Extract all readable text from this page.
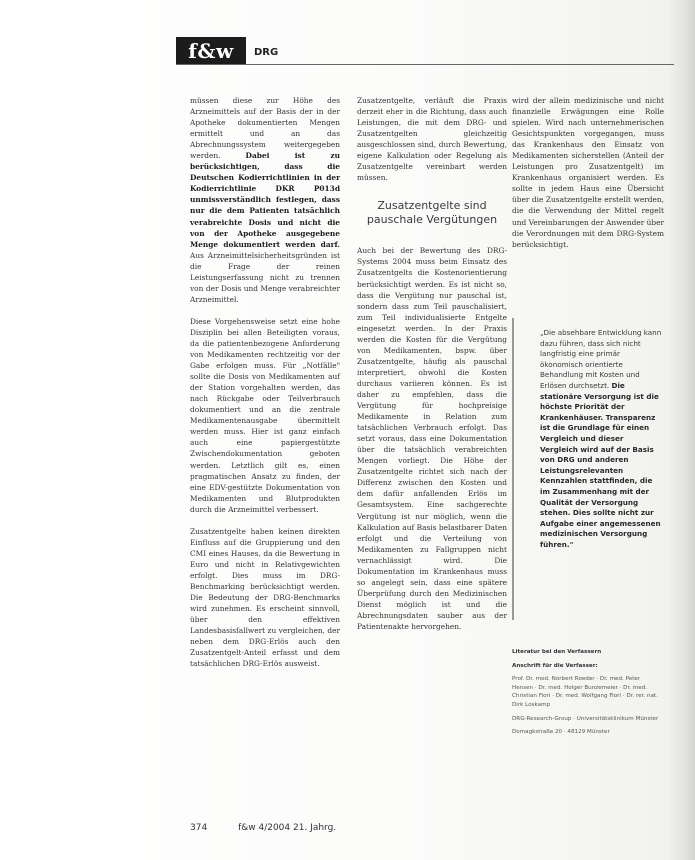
f&w	DRG

müssen diese zur Höhe des Arzneimittels auf der Basis der in der Apotheke dokumentierten Mengen ermittelt und an das Abrechnungssystem weitergegeben werden.	Dabei ist zu berücksichtigen, dass die Deutschen Kodierrichtlinien in der Kodierrichtlinie DKR P013d unmissverständlich festlegen, dass nur die dem Patienten tatsächlich verabreichte Dosis und nicht die von der Apotheke ausgegebene Menge dokumentiert werden darf. Aus Arzneimittelsicherheitsgründen ist die Frage der reinen Leistungserfassung nicht zu trennen von der Dosis und Menge verabreichter Arzneimittel.

Diese Vorgehensweise setzt eine hohe Disziplin bei allen Beteiligten voraus, da die patientenbezogene Anforderung von Medikamenten rechtzeitig vor der Gabe erfolgen muss. Für „Notfälle" sollte die Dosis von Medikamenten auf der Station vorgehalten werden, das nach Rückgabe oder Teilverbrauch dokumentiert und an die zentrale Medikamentenausgabe übermittelt werden muss. Hier ist ganz einfach auch eine papiergestützte Zwischendokumentation geboten werden. Letztlich gilt es, einen pragmatischen Ansatz zu finden, der eine EDV-gestützte Dokumentation von Medikamenten und Blutprodukten durch die Arzneimittel verbessert.

Zusatzentgelte haben keinen direkten Einfluss auf die Gruppierung und den CMI eines Hauses, da die Bewertung in Euro und nicht in Relativgewichten erfolgt. Dies muss im DRG-Benchmarking berücksichtigt werden. Die Bedeutung der DRG-Benchmarks wird zunehmen. Es erscheint sinnvoll, über den effektiven Landesbasisfallwert zu vergleichen, der neben dem DRG-Erlös auch den Zusatzentgelt-Anteil erfasst und dem tatsächlichen DRG-Erlös ausweist.

Zusatzentgelte, verläuft die Praxis derzeit eher in die Richtung, dass auch Leistungen, die mit dem DRG- und Zusatzentgelten gleichzeitig ausgeschlossen sind, durch Bewertung, eigene Kalkulation oder Regelung als Zusatzentgelte vereinbart werden müssen.

Zusatzentgelte sind pauschale Vergütungen

Auch bei der Bewertung des DRG-Systems 2004 muss beim Einsatz des Zusatzentgelts die Kostenorientierung berücksichtigt werden. Es ist nicht so, dass die Vergütung nur pauschal ist, sondern dass zum Teil pauschalisiert, zum Teil individualisierte Entgelte eingesetzt werden. In der Praxis werden die Kosten für die Vergütung von Medikamenten, bspw. über Zusatzentgelte, häufig als pauschal interpretiert, obwohl die Kosten durchaus variieren können. Es ist daher zu empfehlen, dass die Vergütung für hochpreisige Medikamente in Relation zum tatsächlichen Verbrauch erfolgt. Das setzt voraus, dass eine Dokumentation über die tatsächlich verabreichten Mengen vorliegt. Die Höhe der Zusatzentgelte richtet sich nach der Differenz zwischen den Kosten und dem dafür anfallenden Erlös im Gesamtsystem. Eine sachgerechte Vergütung ist nur möglich, wenn die Kalkulation auf Basis belastbarer Daten erfolgt und die Verteilung von Medikamenten zu Fallgruppen nicht vernachlässigt wird. Die Dokumentation im Krankenhaus muss so angelegt sein, dass eine spätere Überprüfung durch den Medizinischen Dienst möglich ist und die Abrechnungsdaten sauber aus der Patientenakte hervorgehen.

wird der allein medizinische und nicht finanzielle Erwägungen eine Rolle spielen. Wird nach unternehmerischen Gesichtspunkten vorgegangen, muss das Krankenhaus den Einsatz von Medikamenten sicherstellen (Anteil der Leistungen pro Zusatzentgelt) im Krankenhaus organisiert werden. Es sollte in jedem Haus eine Übersicht über die Zusatzentgelte erstellt werden, die die Verwendung der Mittel regelt und Vereinbarungen der Anwender über die Verordnungen mit dem DRG-System berücksichtigt.

„Die absehbare Entwicklung kann dazu führen, dass sich nicht langfristig eine primär ökonomisch orientierte Behandlung mit Kosten und Erlösen durchsetzt. Die stationäre Versorgung ist die höchste Priorität der Krankenhäuser. Transparenz ist die Grundlage für einen Vergleich und dieser Vergleich wird auf der Basis von DRG und anderen Leistungsrelevanten Kennzahlen stattfinden, die im Zusammenhang mit der Qualität der Versorgung stehen. Dies sollte nicht zur Aufgabe einer angemessenen medizinischen Versorgung führen."
Literatur bei den Verfassern
Anschrift für die Verfasser:
Prof. Dr. med. Norbert Roeder · Dr. med. Peter Hensen · Dr. med. Holger Bunzemeier · Dr. med. Christian Fiori · Dr. med. Wolfgang Fiori · Dr. rer. nat. Dirk Loskamp
DRG-Research-Group · Universitätsklinikum Münster
Domagkstraße 20 · 48129 Münster
374	f&w 4/2004 21. Jahrg.
